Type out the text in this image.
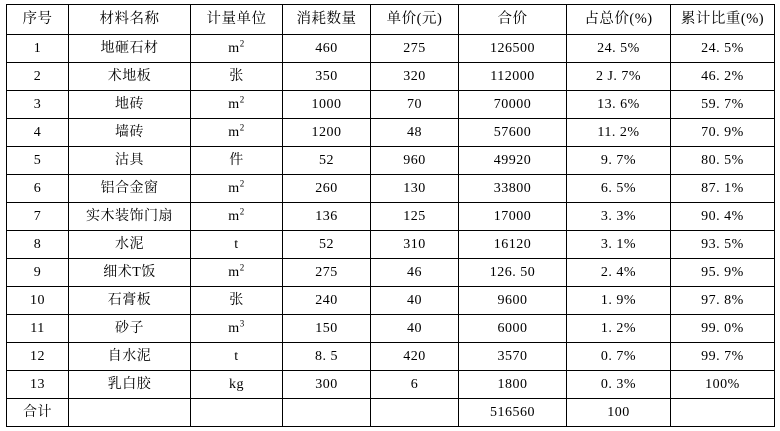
序号	材料名称	计量单位	消耗数量	单价(元)	合价	占总价(%)	累计比重(%)
1	地砸石材	$m^2$	460	275	126500	24. 5%	24. 5%
2	术地板	张	350	320	112000	2 J. 7%	46. 2%
3	地砖	$m^2$	1000	70	70000	13. 6%	59. 7%
4	墙砖	$m^2$	1200	48	57600	11. 2%	70. 9%
5	沽具	件	52	960	49920	9. 7%	80. 5%
6	铝合金窗	$m^2$	260	130	33800	6. 5%	87. 1%
7	实木装饰门扇	$m^2$	136	125	17000	3. 3%	90. 4%
8	水泥	t	52	310	16120	3. 1%	93. 5%
9	细术T饭	$m^2$	275	46	126. 50	2. 4%	95. 9%
10	石膏板	张	240	40	9600	1. 9%	97. 8%
11	砂子	$m^3$	150	40	6000	1. 2%	99. 0%
12	自水泥	t	8. 5	420	3570	0. 7%	99. 7%
13	乳白胶	kg	300	6	1800	0. 3%	100%
合计					516560	100	
